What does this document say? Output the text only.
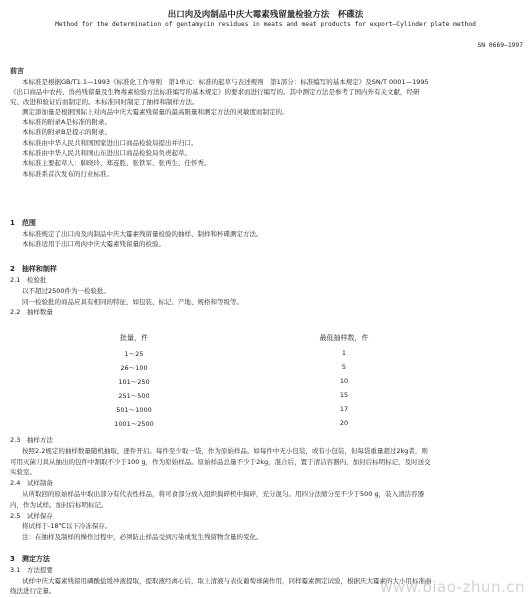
出口肉及肉制品中庆大霉素残留量检验方法　杯碟法
Method for the determination of gentamycin residues in meats and meat products for export—Cylinder plate method
SN 0669—1997
前言
本标准是根据GB/T1.1—1993《标准化工作导则　第1单元：标准的起草与表述规则　第1部分：标准编写的基本规定》及SN/T 0001—1995
《出口商品中农药、兽药残留量及生物毒素检验方法标准编写的基本规定》的要求而进行编写的。其中测定方法是参考了国内外有关文献，经研
究、改进和验证后而制定的。本标准同时制定了抽样和制样方法。
测定添加量是根据国际上对肉品中庆大霉素残留量的最高限量和测定方法的灵敏度而制定的。
本标准的附录A是标准的附录。
本标准的附录B是提示的附录。
本标准由中华人民共和国国家进出口商品检验局提出并归口。
本标准由中华人民共和国山东进出口商品检验局负责起草。
本标准主要起草人：肺晓玲、郑连胜、张铁军、张再生、任怀秀。
本标准系首次发布的行业标准。
1　范围
本标准规定了出口肉及肉制品中庆大霉素残留量检验的抽样、制样和杯碟测定方法。
本标准适用于出口鸡肉中庆大霉素残留量的检验。
2　抽样和制样
2.1　检验批
以不超过2500件为一检验批。
同一检验批的商品应具有相同的特征，如包装、标记、产地、规格和等级等。
2.2　抽样数量
批量，件	最低抽样数，件
1～25	1
26～100	5
101～250	10
251～500	15
501～1000	17
1001～2500	20
2.3　抽样方法
按照2.2规定的抽样数量随机抽取，逐件开启。每件至少取一袋，作为原始样品。如每件中无小包装，或有小包装，但每袋重量超过2kg者，则
可用灭菌刀具从抽出的包件中割取不少于100 g，作为原始样品。原始样品总量不少于2kg，混合后，置于清洁容器内，加封后标明标记，及时送交
实验室。
2.4　试样制备
从所取回的原始样品中取出部分有代表性样品，将可食部分放入组织捣碎机中捣碎，充分混匀。用四分法缩分至不少于500 g，装入清洁容器
内，作为试样。加封后标明标记。
2.5　试样保存
将试样于-18℃以下冷冻保存。
注：在抽样及制样的操作过程中，必须防止样品受到污染或发生残留物含量的变化。
3　测定方法
3.1　方法提要
试样中庆大霉素残留用磷酸盐缓冲液提取，提取液经离心后，取上清液与表皮葡萄球菌作用，同样霉素测定试验，根据庆大霉素的大小用标准曲
线法进行定量。	www.biao-zhun.cn
